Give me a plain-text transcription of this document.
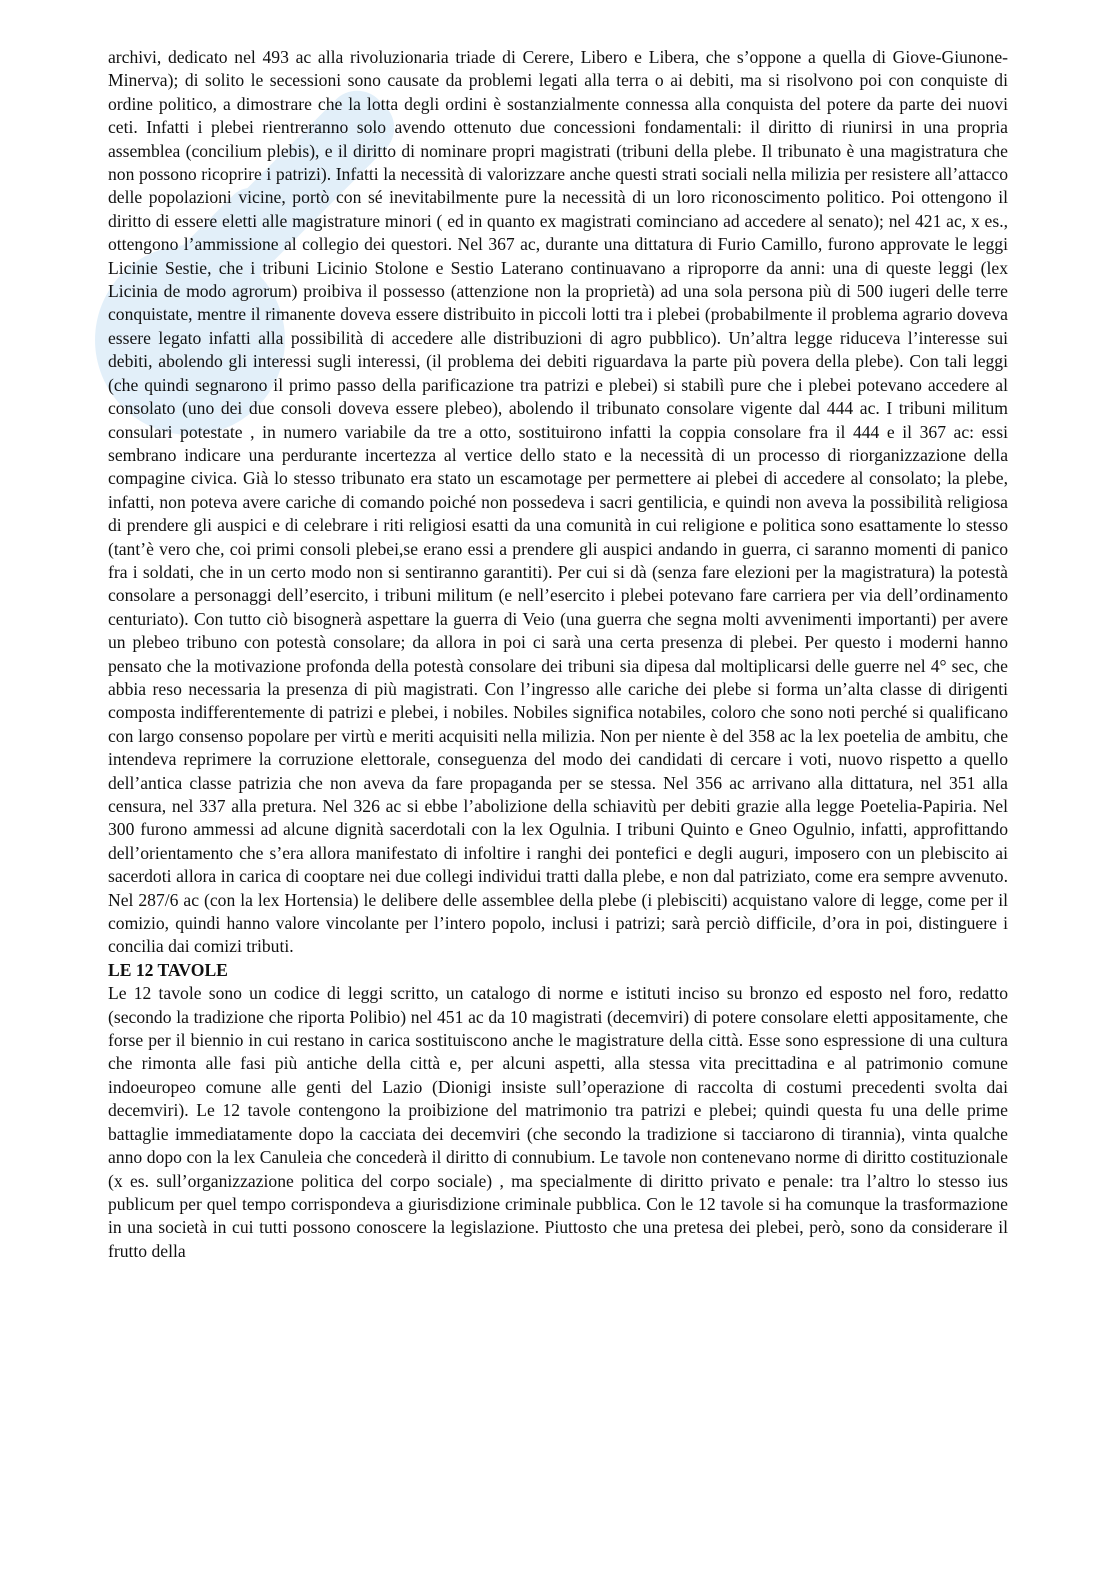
archivi, dedicato nel 493 ac alla rivoluzionaria triade di Cerere, Libero e Libera, che s’oppone a quella di Giove-Giunone-Minerva); di solito le secessioni sono causate da problemi legati alla terra o ai debiti, ma si risolvono poi con conquiste di ordine politico, a dimostrare che la lotta degli ordini è sostanzialmente connessa alla conquista del potere da parte dei nuovi ceti. Infatti i plebei rientreranno solo avendo ottenuto due concessioni fondamentali: il diritto di riunirsi in una propria assemblea (concilium plebis), e il diritto di nominare propri magistrati (tribuni della plebe. Il tribunato è una magistratura che non possono ricoprire i patrizi). Infatti la necessità di valorizzare anche questi strati sociali nella milizia per resistere all’attacco delle popolazioni vicine, portò con sé inevitabilmente pure la necessità di un loro riconoscimento politico. Poi ottengono il diritto di essere eletti alle magistrature minori ( ed in quanto ex magistrati cominciano ad accedere al senato); nel 421 ac, x es., ottengono l’ammissione al collegio dei questori. Nel 367 ac, durante una dittatura di Furio Camillo, furono approvate le leggi Licinie Sestie, che i tribuni Licinio Stolone e Sestio Laterano continuavano a riproporre da anni: una di queste leggi (lex Licinia de modo agrorum) proibiva il possesso (attenzione non la proprietà) ad una sola persona più di 500 iugeri delle terre conquistate, mentre il rimanente doveva essere distribuito in piccoli lotti tra i plebei (probabilmente il problema agrario doveva essere legato infatti alla possibilità di accedere alle distribuzioni di agro pubblico). Un’altra legge riduceva l’interesse sui debiti, abolendo gli interessi sugli interessi, (il problema dei debiti riguardava la parte più povera della plebe). Con tali leggi (che quindi segnarono il primo passo della parificazione tra patrizi e plebei) si stabilì pure che i plebei potevano accedere al consolato (uno dei due consoli doveva essere plebeo), abolendo il tribunato consolare vigente dal 444 ac. I tribuni militum consulari potestate , in numero variabile da tre a otto, sostituirono infatti la coppia consolare fra il 444 e il 367 ac: essi sembrano indicare una perdurante incertezza al vertice dello stato e la necessità di un processo di riorganizzazione della compagine civica. Già lo stesso tribunato era stato un escamotage per permettere ai plebei di accedere al consolato; la plebe, infatti, non poteva avere cariche di comando poiché non possedeva i sacri gentilicia, e quindi non aveva la possibilità religiosa di prendere gli auspici e di celebrare i riti religiosi esatti da una comunità in cui religione e politica sono esattamente lo stesso (tant’è vero che, coi primi consoli plebei,se erano essi a prendere gli auspici andando in guerra, ci saranno momenti di panico fra i soldati, che in un certo modo non si sentiranno garantiti). Per cui si dà (senza fare elezioni per la magistratura) la potestà consolare a personaggi dell’esercito, i tribuni militum (e nell’esercito i plebei potevano fare carriera per via dell’ordinamento centuriato). Con tutto ciò bisognerà aspettare la guerra di Veio (una guerra che segna molti avvenimenti importanti) per avere un plebeo tribuno con potestà consolare; da allora in poi ci sarà una certa presenza di plebei. Per questo i moderni hanno pensato che la motivazione profonda della potestà consolare dei tribuni sia dipesa dal moltiplicarsi delle guerre nel 4° sec, che abbia reso necessaria la presenza di più magistrati. Con l’ingresso alle cariche dei plebe si forma un’alta classe di dirigenti composta indifferentemente di patrizi e plebei, i nobiles. Nobiles significa notabiles, coloro che sono noti perché si qualificano con largo consenso popolare per virtù e meriti acquisiti nella milizia. Non per niente è del 358 ac la lex poetelia de ambitu, che intendeva reprimere la corruzione elettorale, conseguenza del modo dei candidati di cercare i voti, nuovo rispetto a quello dell’antica classe patrizia che non aveva da fare propaganda per se stessa. Nel 356 ac arrivano alla dittatura, nel 351 alla censura, nel 337 alla pretura. Nel 326 ac si ebbe l’abolizione della schiavitù per debiti grazie alla legge Poetelia-Papiria. Nel 300 furono ammessi ad alcune dignità sacerdotali con la lex Ogulnia. I tribuni Quinto e Gneo Ogulnio, infatti, approfittando dell’orientamento che s’era allora manifestato di infoltire i ranghi dei pontefici e degli auguri, imposero con un plebiscito ai sacerdoti allora in carica di cooptare nei due collegi individui tratti dalla plebe, e non dal patriziato, come era sempre avvenuto. Nel 287/6 ac (con la lex Hortensia) le delibere delle assemblee della plebe (i plebisciti) acquistano valore di legge, come per il comizio, quindi hanno valore vincolante per l’intero popolo, inclusi i patrizi; sarà perciò difficile, d’ora in poi, distinguere i concilia dai comizi tributi.

LE 12 TAVOLE

Le 12 tavole sono un codice di leggi scritto, un catalogo di norme e istituti inciso su bronzo ed esposto nel foro, redatto (secondo la tradizione che riporta Polibio) nel 451 ac da 10 magistrati (decemviri) di potere consolare eletti appositamente, che forse per il biennio in cui restano in carica sostituiscono anche le magistrature della città. Esse sono espressione di una cultura che rimonta alle fasi più antiche della città e, per alcuni aspetti, alla stessa vita precittadina e al patrimonio comune indoeuropeo comune alle genti del Lazio (Dionigi insiste sull’operazione di raccolta di costumi precedenti svolta dai decemviri). Le 12 tavole contengono la proibizione del matrimonio tra patrizi e plebei; quindi questa fu una delle prime battaglie immediatamente dopo la cacciata dei decemviri (che secondo la tradizione si tacciarono di tirannia), vinta qualche anno dopo con la lex Canuleia che concederà il diritto di connubium. Le tavole non contenevano norme di diritto costituzionale (x es. sull’organizzazione politica del corpo sociale) , ma specialmente di diritto privato e penale: tra l’altro lo stesso ius publicum per quel tempo corrispondeva a giurisdizione criminale pubblica. Con le 12 tavole si ha comunque la trasformazione in una società in cui tutti possono conoscere la legislazione. Piuttosto che una pretesa dei plebei, però, sono da considerare il frutto della
